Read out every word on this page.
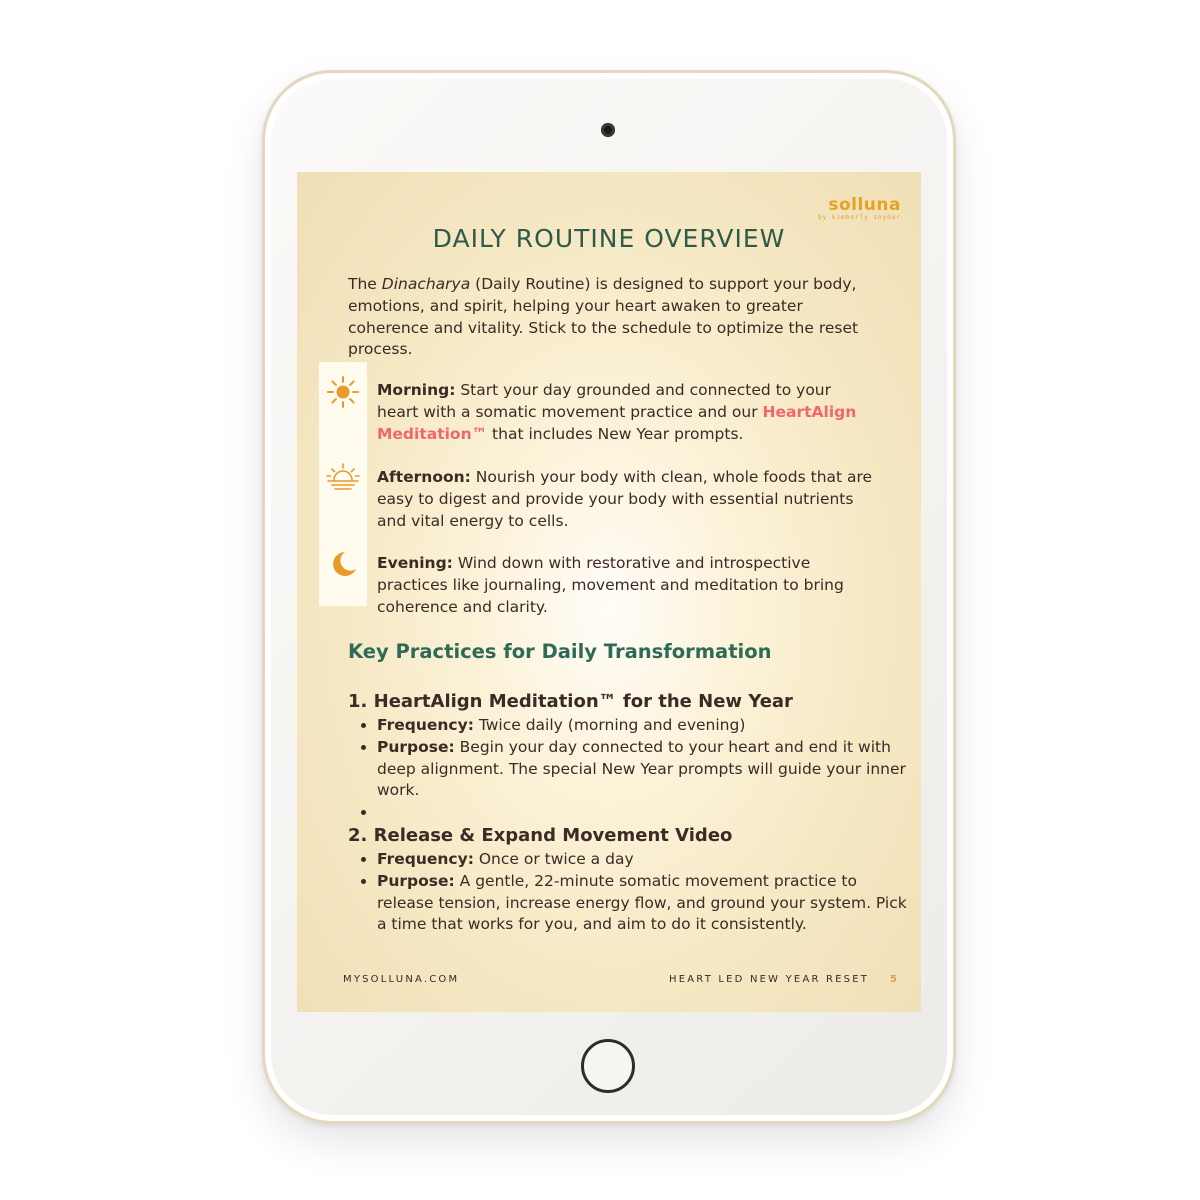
solluna
by kimberly snyder
DAILY ROUTINE OVERVIEW
The Dinacharya (Daily Routine) is designed to support your body, emotions, and spirit, helping your heart awaken to greater coherence and vitality. Stick to the schedule to optimize the reset process.
Morning: Start your day grounded and connected to your heart with a somatic movement practice and our HeartAlign Meditation™ that includes New Year prompts.
Afternoon: Nourish your body with clean, whole foods that are easy to digest and provide your body with essential nutrients and vital energy to cells.
Evening: Wind down with restorative and introspective practices like journaling, movement and meditation to bring coherence and clarity.
Key Practices for Daily Transformation
1. HeartAlign Meditation™ for the New Year
• Frequency: Twice daily (morning and evening)
• Purpose: Begin your day connected to your heart and end it with deep alignment. The special New Year prompts will guide your inner work.
•
2. Release & Expand Movement Video
• Frequency: Once or twice a day
• Purpose: A gentle, 22-minute somatic movement practice to release tension, increase energy flow, and ground your system. Pick a time that works for you, and aim to do it consistently.
MYSOLLUNA.COM	HEART LED NEW YEAR RESET 5
